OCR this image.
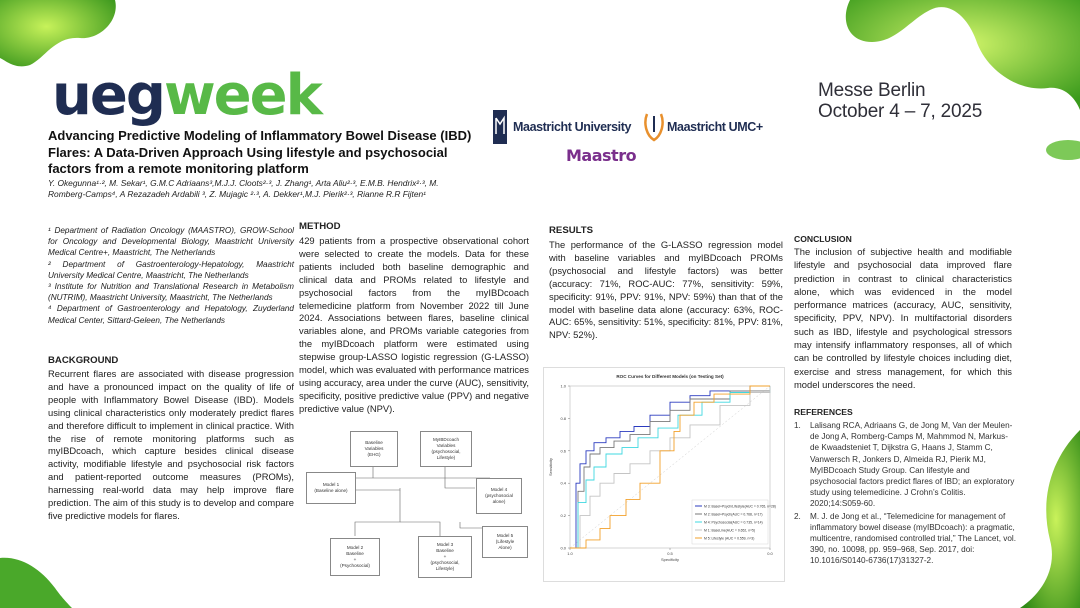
uegweek	Messe Berlin
October 4 – 7, 2025
Maastricht University	Maastricht UMC+
Maastro
Advancing Predictive Modeling of Inflammatory Bowel Disease (IBD) Flares: A Data-Driven Approach Using lifestyle and psychosocial factors from a remote monitoring platform
Y. Okegunna¹·², M. Sekar¹, G.M.C Adriaans³,M.J.J. Cloots²·³, J. Zhang¹, Arta Aliu²·³, E.M.B. Hendrix²·³, M. Romberg-Camps⁴, A Rezazadeh Ardabili ³, Z. Mujagic ²·³, A. Dekker¹,M.J. Pierik²·³, Rianne R.R Fijten¹

¹ Department of Radiation Oncology (MAASTRO), GROW-School for Oncology and Developmental Biology, Maastricht University Medical Centre+, Maastricht, The Netherlands

² Department of Gastroenterology-Hepatology, Maastricht University Medical Centre, Maastricht, The Netherlands

³ Institute for Nutrition and Translational Research in Metabolism (NUTRIM), Maastricht University, Maastricht, The Netherlands

⁴ Department of Gastroenterology and Hepatology, Zuyderland Medical Center, Sittard-Geleen, The Netherlands

BACKGROUND
Recurrent flares are associated with disease progression and have a pronounced impact on the quality of life of people with Inflammatory Bowel Disease (IBD). Models using clinical characteristics only moderately predict flares and therefore difficult to implement in clinical practice. With the rise of remote monitoring platforms such as myIBDcoach, which capture besides clinical disease activity, modifiable lifestyle and psychosocial risk factors and patient-reported outcome measures (PROMs), harnessing real-world data may help improve flare prediction. The aim of this study is to develop and compare five predictive models for flares.
METHOD
429 patients from a prospective observational cohort were selected to create the models. Data for these patients included both baseline demographic and clinical data and PROMs related to lifestyle and psychosocial factors from the myIBDcoach telemedicine platform from November 2022 till June 2024. Associations between flares, baseline clinical variables alone, and PROMs variable categories from the myIBDcoach platform were estimated using stepwise group-LASSO logistic regression (G-LASSO) model, which was evaluated with performance matrices using accuracy, area under the curve (AUC), sensitivity, specificity, positive predictive value (PPV) and negative predictive value (NPV).
Baseline
Variables
(EHG)
MyIBDcoach
Variables
(psychosocial,
Lifestyle)
Model 1
(Baseline alone)	Model 4
(psychosocial
alone)
Model 2
Baseline
+
(Psychosocial)
Model 3
Baseline
+
(psychosocial,
Lifestyle)
Model 5
(Lifestyle
Alone)
RESULTS
The performance of the G-LASSO regression model with baseline variables and myIBDcoach PROMs (psychosocial and lifestyle factors) was better (accuracy: 71%, ROC-AUC: 77%, sensitivity: 59%, specificity: 91%, PPV: 91%, NPV: 59%) than that of the model with baseline data alone (accuracy: 63%, ROC-AUC: 65%, sensitivity: 51%, specificity: 81%, PPV: 81%, NPV: 52%).
ROC Curves for Different Models (on Testing Set)
0.0
0.2
0.4
0.6
0.8
1.0
1.0	0.5	0.0
Specificity
Sensitivity
M 3: Basel+Psych/Lifestyle(AUC = 0.765, n=28)
M 2: Basel+Psych(AUC = 0.768, n=17)
M 4: Psychosocial(AUC = 0.735, n=14)
M 1: BaseLine(AUC = 0.652, n=5)
M 5: Lifestyle (AUC = 0.559, n=3)
CONCLUSION
The inclusion of subjective health and modifiable lifestyle and psychosocial data improved flare prediction in contrast to clinical characteristics alone, which was evidenced in the model performance matrices (accuracy, AUC, sensitivity, specificity, PPV, NPV). In multifactorial disorders such as IBD, lifestyle and psychological stressors may intensify inflammatory responses, all of which can be controlled by lifestyle choices including diet, exercise and stress management, for which this model underscores the need.
REFERENCES
1.	Lalisang RCA, Adriaans G, de Jong M, Van der Meulen-de Jong A, Romberg-Camps M, Mahmmod N, Markus-de Kwaadsteniet T, Dijkstra G, Haans J, Stamm C, Vanwersch R, Jonkers D, Almeida RJ, Pierik MJ, MyIBDcoach Study Group. Can lifestyle and psychosocial factors predict flares of IBD; an exploratory study using telemedicine. J Crohn’s Colitis. 2020;14:S059-60.
2.	M. J. de Jong et al., “Telemedicine for management of inflammatory bowel disease (myIBDcoach): a pragmatic, multicentre, randomised controlled trial,” The Lancet, vol. 390, no. 10098, pp. 959–968, Sep. 2017, doi: 10.1016/S0140-6736(17)31327-2.
